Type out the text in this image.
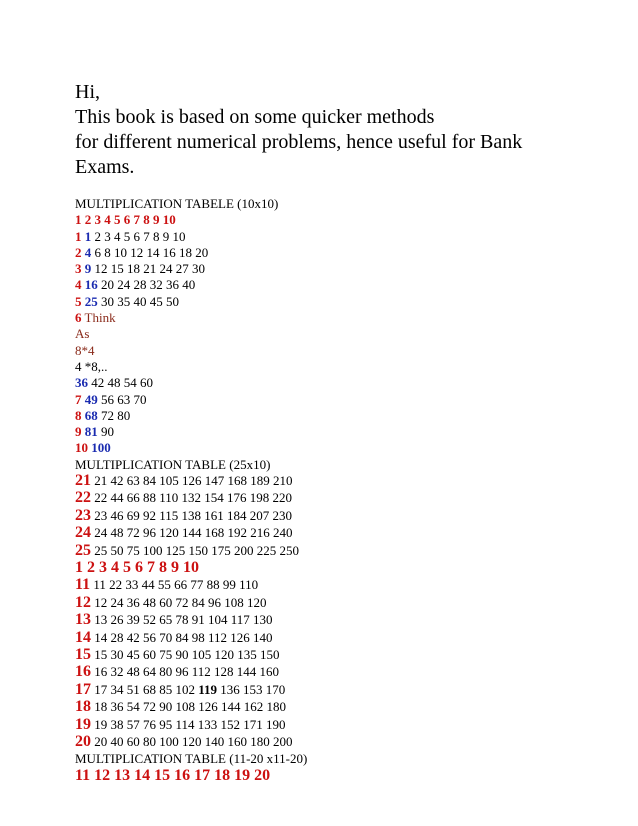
Hi,
This book is based on some quicker methods
for different numerical problems, hence useful for Bank
Exams.
MULTIPLICATION TABELE (10x10)
1 2 3 4 5 6 7 8 9 10
1 1 2 3 4 5 6 7 8 9 10
2 4 6 8 10 12 14 16 18 20
3 9 12 15 18 21 24 27 30
4 16 20 24 28 32 36 40
5 25 30 35 40 45 50
6 Think
As
8*4
4 *8,..
36 42 48 54 60
7 49 56 63 70
8 68 72 80
9 81 90
10 100
MULTIPLICATION TABLE (25x10)
21 21 42 63 84 105 126 147 168 189 210
22 22 44 66 88 110 132 154 176 198 220
23 23 46 69 92 115 138 161 184 207 230
24 24 48 72 96 120 144 168 192 216 240
25 25 50 75 100 125 150 175 200 225 250
1 2 3 4 5 6 7 8 9 10
11 11 22 33 44 55 66 77 88 99 110
12 12 24 36 48 60 72 84 96 108 120
13 13 26 39 52 65 78 91 104 117 130
14 14 28 42 56 70 84 98 112 126 140
15 15 30 45 60 75 90 105 120 135 150
16 16 32 48 64 80 96 112 128 144 160
17 17 34 51 68 85 102 119 136 153 170
18 18 36 54 72 90 108 126 144 162 180
19 19 38 57 76 95 114 133 152 171 190
20 20 40 60 80 100 120 140 160 180 200
MULTIPLICATION TABLE (11-20 x11-20)
11 12 13 14 15 16 17 18 19 20
